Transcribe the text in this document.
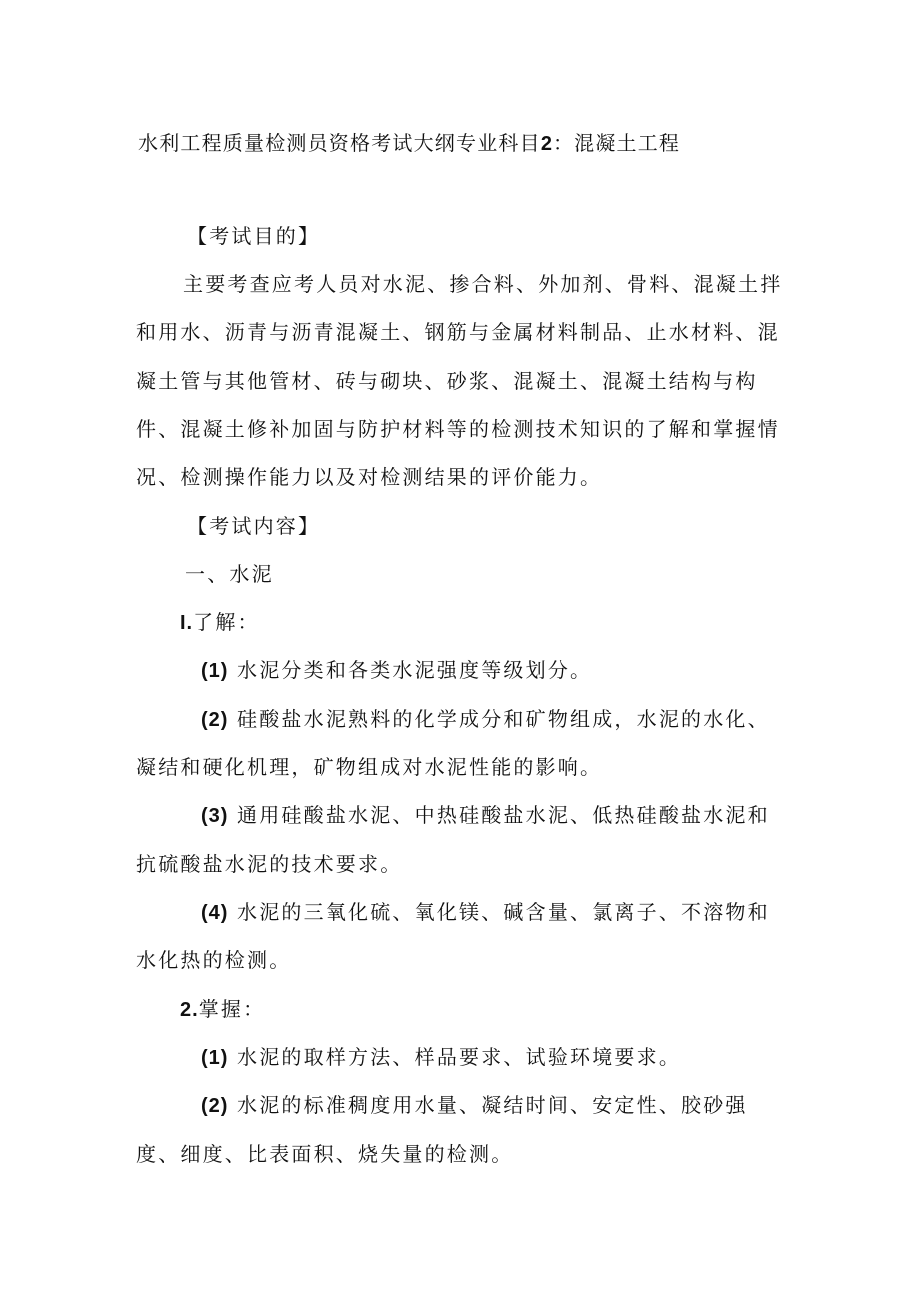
水利工程质量检测员资格考试大纲专业科目2：混凝土工程
【考试目的】
主要考查应考人员对水泥、掺合料、外加剂、骨料、混凝土拌
和用水、沥青与沥青混凝土、钢筋与金属材料制品、止水材料、混
凝土管与其他管材、砖与砌块、砂浆、混凝土、混凝土结构与构
件、混凝土修补加固与防护材料等的检测技术知识的了解和掌握情
况、检测操作能力以及对检测结果的评价能力。
【考试内容】
一、水泥
I.了解：
(1) 水泥分类和各类水泥强度等级划分。
(2) 硅酸盐水泥熟料的化学成分和矿物组成，水泥的水化、
凝结和硬化机理，矿物组成对水泥性能的影响。
(3) 通用硅酸盐水泥、中热硅酸盐水泥、低热硅酸盐水泥和
抗硫酸盐水泥的技术要求。
(4) 水泥的三氧化硫、氧化镁、碱含量、氯离子、不溶物和
水化热的检测。
2.掌握：
(1) 水泥的取样方法、样品要求、试验环境要求。
(2) 水泥的标准稠度用水量、凝结时间、安定性、胶砂强
度、细度、比表面积、烧失量的检测。
